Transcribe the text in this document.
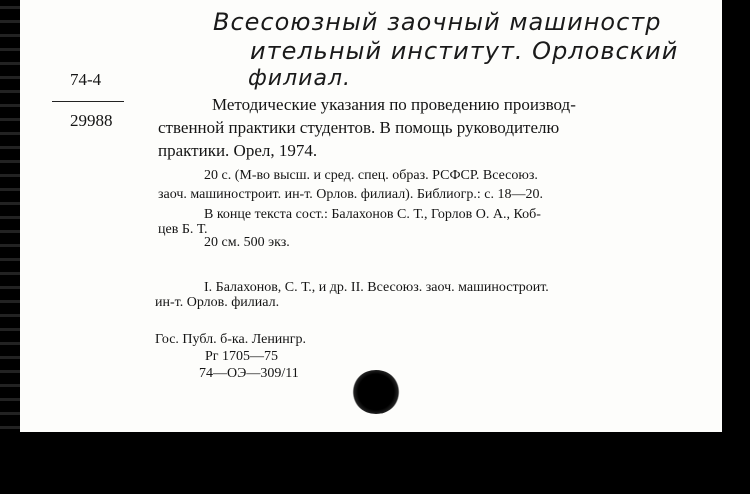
Всесоюзный заочный машиностр
ительный институт. Орловский
филиал.
74-4
29988
Методические указания по проведению производ-
ственной практики студентов. В помощь руководителю
практики. Орел, 1974.
20 с. (М-во высш. и сред. спец. образ. РСФСР. Всесоюз.
заоч. машиностроит. ин-т. Орлов. филиал). Библиогр.: с. 18—20.
В конце текста сост.: Балахонов С. Т., Горлов О. А., Коб-
цев Б. Т.
20 см. 500 экз.
I. Балахонов, С. Т., и др. II. Всесоюз. заоч. машиностроит.
ин-т. Орлов. филиал.
Гос. Публ. б-ка. Ленингр.
Рг 1705—75
74—ОЭ—309/11
